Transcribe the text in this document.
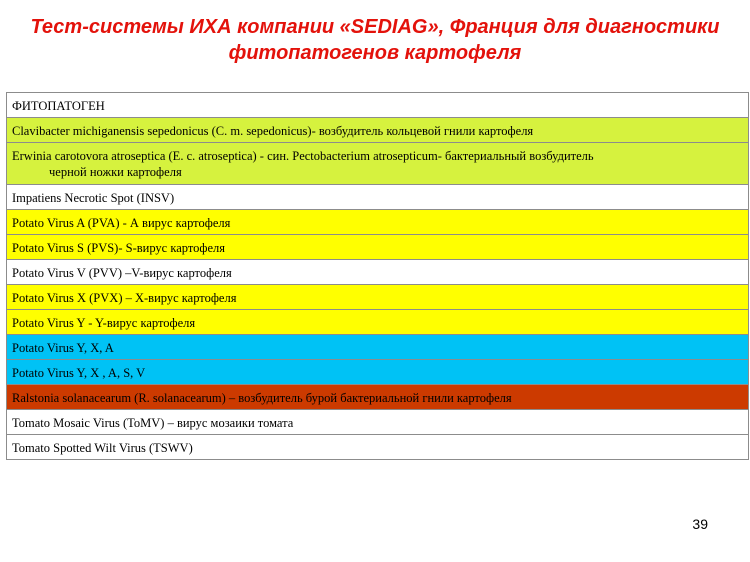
Тест-системы ИХА компании «SEDIAG», Франция для диагностики
фитопатогенов картофеля
ФИТОПАТОГЕН

Clavibacter michiganensis sepedonicus (C. m. sepedonicus)- возбудитель кольцевой гнили картофеля

Erwinia carotovora atroseptica (E. c. atroseptica) - син. Pectobacterium atrosepticum- бактериальный возбудитель
черной ножки картофеля

Impatiens Necrotic Spot (INSV)

Potato Virus A (PVA) - А вирус картофеля

Potato Virus S (PVS)- S-вирус картофеля

Potato Virus V (PVV) –V-вирус картофеля

Potato Virus X (PVX) – X-вирус картофеля

Potato Virus Y - Y-вирус картофеля

Potato Virus Y, X, A

Potato Virus Y, X , A, S, V

Ralstonia solanacearum (R. solanacearum) – возбудитель бурой бактериальной гнили картофеля

Tomato Mosaic Virus (ToMV) – вирус мозаики томата

Tomato Spotted Wilt Virus (TSWV)
39
